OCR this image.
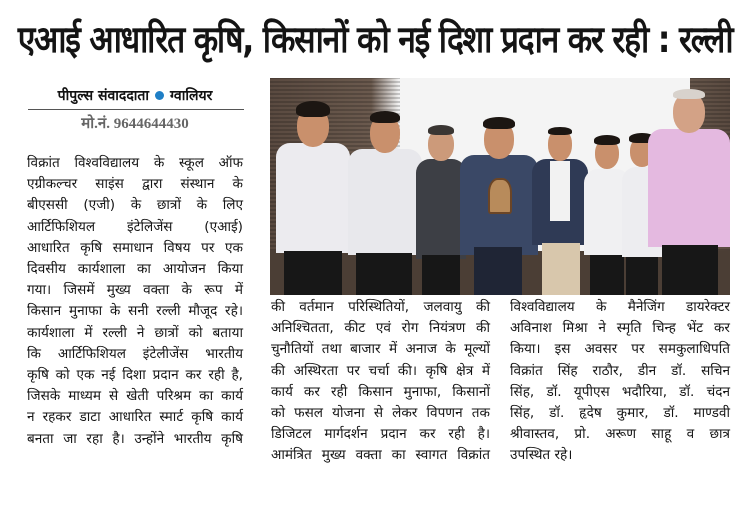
एआई आधारित कृषि, किसानों को नई दिशा प्रदान कर रही : रल्ली
पीपुल्स संवाददाता ग्वालियर
मो.नं. 9644644430

विक्रांत विश्वविद्यालय के स्कूल ऑफ

एग्रीकल्चर साइंस द्वारा संस्थान के

बीएससी (एजी) के छात्रों के लिए

आर्टिफिशियल इंटेलिजेंस (एआई)

आधारित कृषि समाधान विषय पर एक

दिवसीय कार्यशाला का आयोजन किया

गया। जिसमें मुख्य वक्ता के रूप में

किसान मुनाफा के सनी रल्ली मौजूद रहे।

कार्यशाला में रल्ली ने छात्रों को बताया

कि आर्टिफिशियल इंटेलीजेंस भारतीय

कृषि को एक नई दिशा प्रदान कर रही है,

जिसके माध्यम से खेती परिश्रम का कार्य

न रहकर डाटा आधारित स्मार्ट कृषि कार्य

बनता जा रहा है। उन्होंने भारतीय कृषि

की वर्तमान परिस्थितियों, जलवायु की

अनिश्चितता, कीट एवं रोग नियंत्रण की

चुनौतियों तथा बाजार में अनाज के मूल्यों

की अस्थिरता पर चर्चा की। कृषि क्षेत्र में

कार्य कर रही किसान मुनाफा, किसानों

को फसल योजना से लेकर विपणन तक

डिजिटल मार्गदर्शन प्रदान कर रही है।

आमंत्रित मुख्य वक्ता का स्वागत विक्रांत

विश्वविद्यालय के मैनेजिंग डायरेक्टर

अविनाश मिश्रा ने स्मृति चिन्ह भेंट कर

किया। इस अवसर पर समकुलाधिपति

विक्रांत सिंह राठौर, डीन डॉ. सचिन

सिंह, डॉ. यूपीएस भदौरिया, डॉ. चंदन

सिंह, डॉ. हृदेष कुमार, डॉ. माण्डवी

श्रीवास्तव, प्रो. अरूण साहू व छात्र

उपस्थित रहे।
